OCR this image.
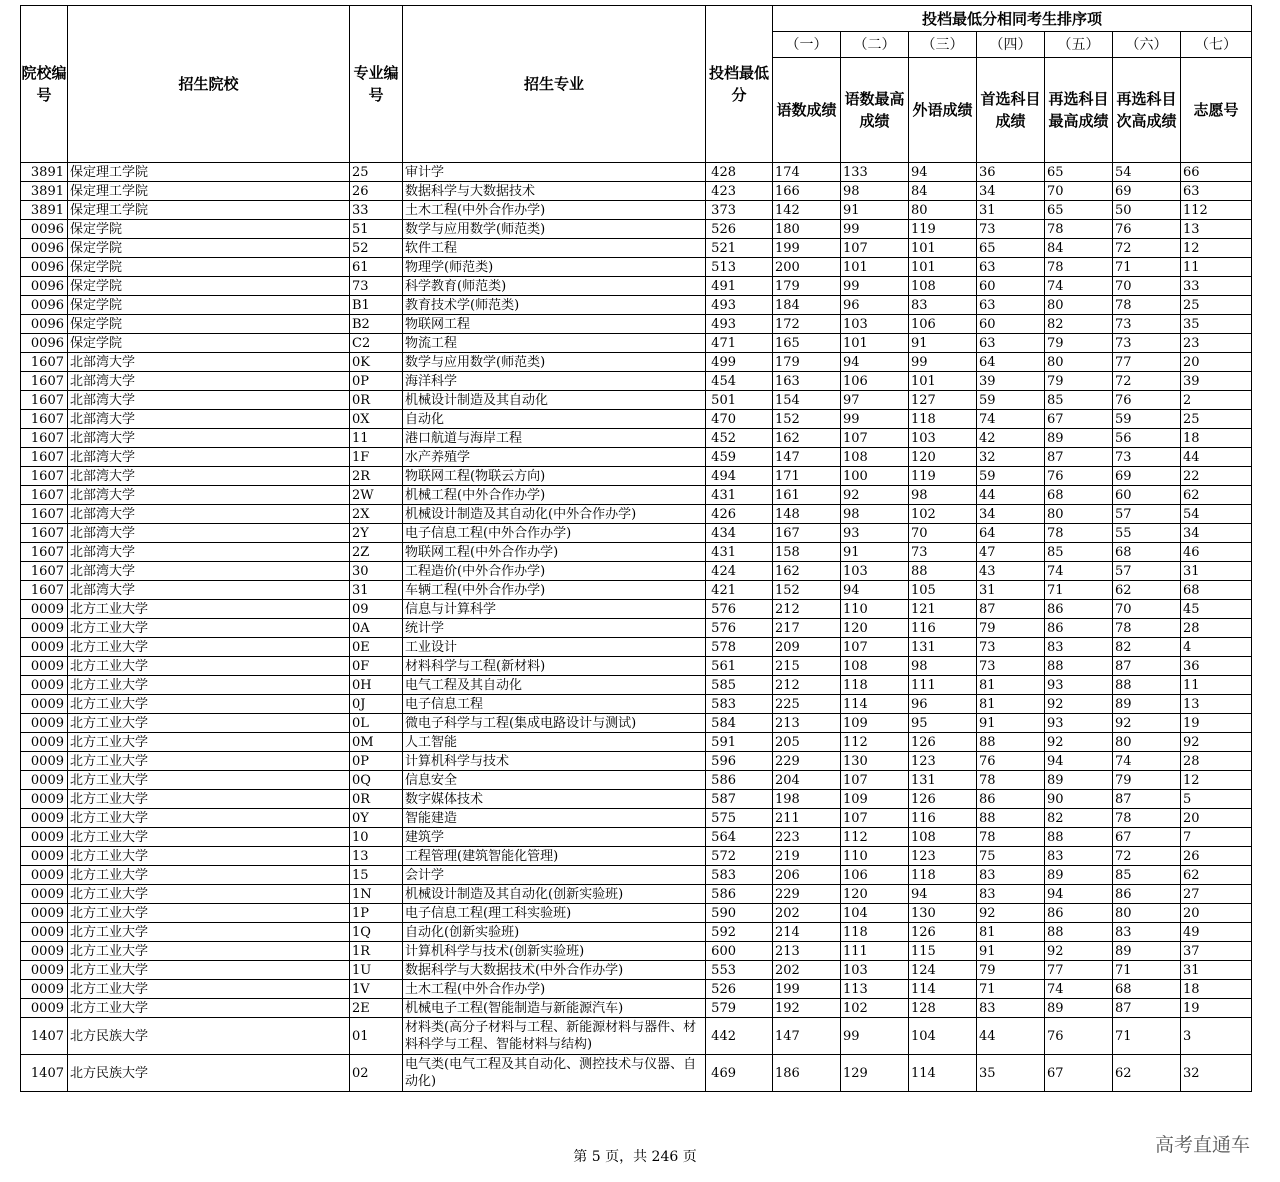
院校编号	招生院校	专业编号	招生专业	投档最低分	投档最低分相同考生排序项						
					（一）	（二）	（三）	（四）	（五）	（六）	（七）
					语数成绩	语数最高成绩	外语成绩	首选科目成绩	再选科目最高成绩	再选科目次高成绩	志愿号
3891	保定理工学院	25	审计学	428	174	133	94	36	65	54	66
3891	保定理工学院	26	数据科学与大数据技术	423	166	98	84	34	70	69	63
3891	保定理工学院	33	土木工程(中外合作办学)	373	142	91	80	31	65	50	112
0096	保定学院	51	数学与应用数学(师范类)	526	180	99	119	73	78	76	13
0096	保定学院	52	软件工程	521	199	107	101	65	84	72	12
0096	保定学院	61	物理学(师范类)	513	200	101	101	63	78	71	11
0096	保定学院	73	科学教育(师范类)	491	179	99	108	60	74	70	33
0096	保定学院	B1	教育技术学(师范类)	493	184	96	83	63	80	78	25
0096	保定学院	B2	物联网工程	493	172	103	106	60	82	73	35
0096	保定学院	C2	物流工程	471	165	101	91	63	79	73	23
1607	北部湾大学	0K	数学与应用数学(师范类)	499	179	94	99	64	80	77	20
1607	北部湾大学	0P	海洋科学	454	163	106	101	39	79	72	39
1607	北部湾大学	0R	机械设计制造及其自动化	501	154	97	127	59	85	76	2
1607	北部湾大学	0X	自动化	470	152	99	118	74	67	59	25
1607	北部湾大学	11	港口航道与海岸工程	452	162	107	103	42	89	56	18
1607	北部湾大学	1F	水产养殖学	459	147	108	120	32	87	73	44
1607	北部湾大学	2R	物联网工程(物联云方向)	494	171	100	119	59	76	69	22
1607	北部湾大学	2W	机械工程(中外合作办学)	431	161	92	98	44	68	60	62
1607	北部湾大学	2X	机械设计制造及其自动化(中外合作办学)	426	148	98	102	34	80	57	54
1607	北部湾大学	2Y	电子信息工程(中外合作办学)	434	167	93	70	64	78	55	34
1607	北部湾大学	2Z	物联网工程(中外合作办学)	431	158	91	73	47	85	68	46
1607	北部湾大学	30	工程造价(中外合作办学)	424	162	103	88	43	74	57	31
1607	北部湾大学	31	车辆工程(中外合作办学)	421	152	94	105	31	71	62	68
0009	北方工业大学	09	信息与计算科学	576	212	110	121	87	86	70	45
0009	北方工业大学	0A	统计学	576	217	120	116	79	86	78	28
0009	北方工业大学	0E	工业设计	578	209	107	131	73	83	82	4
0009	北方工业大学	0F	材料科学与工程(新材料)	561	215	108	98	73	88	87	36
0009	北方工业大学	0H	电气工程及其自动化	585	212	118	111	81	93	88	11
0009	北方工业大学	0J	电子信息工程	583	225	114	96	81	92	89	13
0009	北方工业大学	0L	微电子科学与工程(集成电路设计与测试)	584	213	109	95	91	93	92	19
0009	北方工业大学	0M	人工智能	591	205	112	126	88	92	80	92
0009	北方工业大学	0P	计算机科学与技术	596	229	130	123	76	94	74	28
0009	北方工业大学	0Q	信息安全	586	204	107	131	78	89	79	12
0009	北方工业大学	0R	数字媒体技术	587	198	109	126	86	90	87	5
0009	北方工业大学	0Y	智能建造	575	211	107	116	88	82	78	20
0009	北方工业大学	10	建筑学	564	223	112	108	78	88	67	7
0009	北方工业大学	13	工程管理(建筑智能化管理)	572	219	110	123	75	83	72	26
0009	北方工业大学	15	会计学	583	206	106	118	83	89	85	62
0009	北方工业大学	1N	机械设计制造及其自动化(创新实验班)	586	229	120	94	83	94	86	27
0009	北方工业大学	1P	电子信息工程(理工科实验班)	590	202	104	130	92	86	80	20
0009	北方工业大学	1Q	自动化(创新实验班)	592	214	118	126	81	88	83	49
0009	北方工业大学	1R	计算机科学与技术(创新实验班)	600	213	111	115	91	92	89	37
0009	北方工业大学	1U	数据科学与大数据技术(中外合作办学)	553	202	103	124	79	77	71	31
0009	北方工业大学	1V	土木工程(中外合作办学)	526	199	113	114	71	74	68	18
0009	北方工业大学	2E	机械电子工程(智能制造与新能源汽车)	579	192	102	128	83	89	87	19
1407	北方民族大学	01	材料类(高分子材料与工程、新能源材料与器件、材料科学与工程、智能材料与结构)	442	147	99	104	44	76	71	3
1407	北方民族大学	02	电气类(电气工程及其自动化、测控技术与仪器、自动化)	469	186	129	114	35	67	62	32
第 5 页，共 246 页
高考直通车
